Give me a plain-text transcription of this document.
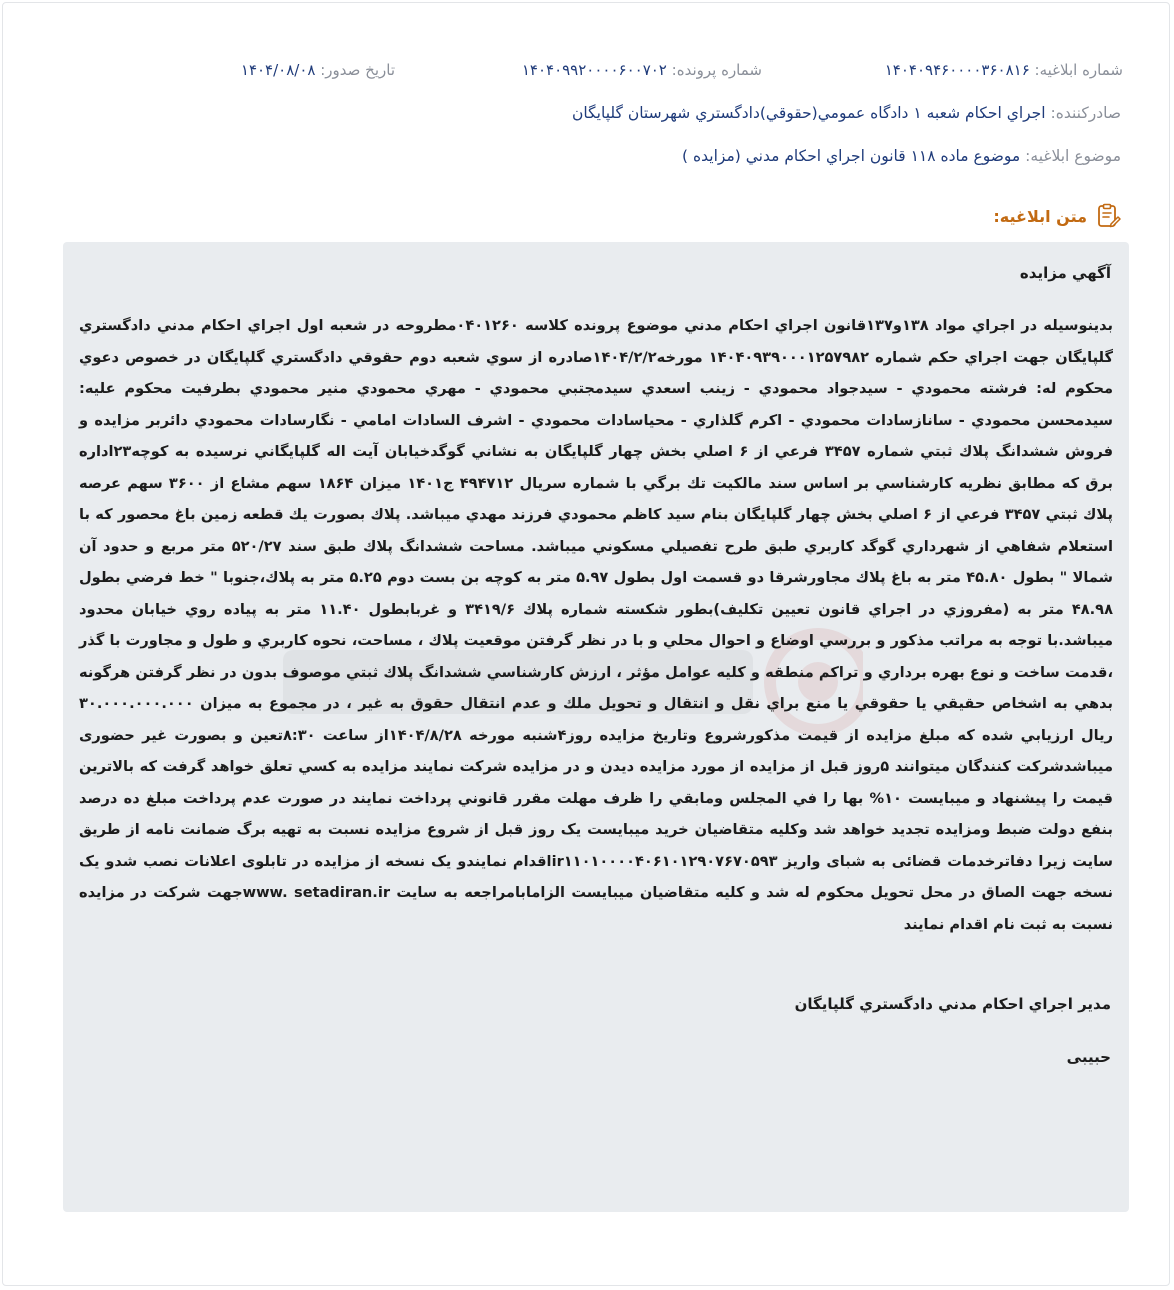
شماره ابلاغيه: ۱۴۰۴۰۹۴۶۰۰۰۰۳۶۰۸۱۶
شماره پرونده: ۱۴۰۴۰۹۹۲۰۰۰۰۶۰۰۷۰۲
تاريخ صدور: ۱۴۰۴/۰۸/۰۸
صادرکننده: اجراي احکام شعبه ۱ دادگاه عمومي(حقوقي)دادگستري شهرستان گلپايگان
موضوع ابلاغيه: موضوع ماده ۱۱۸ قانون اجراي احکام مدني (مزايده )
متن ابلاغيه:
آگهي مزايده
بدينوسيله در اجراي مواد ۱۳۸و۱۳۷قانون اجراي احکام مدني موضوع پرونده کلاسه ۰۴۰۱۲۶۰مطروحه در شعبه اول اجراي احکام مدني دادگستري گلپايگان جهت اجراي حکم شماره ۱۴۰۴۰۹۳۹۰۰۰۱۲۵۷۹۸۲ مورخه۱۴۰۴/۲/۲صادره از سوي شعبه دوم حقوقي دادگستري گلپايگان در خصوص دعوي محکوم له: فرشته محمودي - سيدجواد محمودي - زينب اسعدي سيدمجتبي محمودي - مهري محمودي منير محمودي بطرفيت محکوم عليه: سيدمحسن محمودي - سانازسادات محمودي - اکرم گلذاري - محياسادات محمودي - اشرف السادات امامي - نگارسادات محمودي دائربر مزايده و فروش ششدانگ پلاك ثبتي شماره ۳۴۵۷ فرعي از ۶ اصلي بخش چهار گلپايگان به نشاني گوگدخيابان آيت اله گلپايگاني نرسيده به کوچه۲۳اداره برق که مطابق نظريه کارشناسي بر اساس سند مالکيت تك برگي با شماره سريال ۴۹۴۷۱۲ ج۱۴۰۱ ميزان ۱۸۶۴ سهم مشاع از ۳۶۰۰ سهم عرصه پلاك ثبتي ۳۴۵۷ فرعي از ۶ اصلي بخش چهار گلپايگان بنام سيد کاظم محمودي فرزند مهدي ميباشد. پلاك بصورت يك قطعه زمين باغ محصور که با استعلام شفاهي از شهرداري گوگد کاربري طبق طرح تفصيلي مسکوني ميباشد. مساحت ششدانگ پلاك طبق سند ۵۲۰/۲۷ متر مربع و حدود آن شمالا " بطول ۴۵.۸۰ متر به باغ پلاك مجاورشرقا دو قسمت اول بطول ۵.۹۷ متر به کوچه بن بست دوم ۵.۲۵ متر به پلاك،جنوبا " خط فرضي بطول ۴۸.۹۸ متر به (مفروزي در اجراي قانون تعيين تکليف)بطور شکسته شماره پلاك ۳۴۱۹/۶ و غربابطول ۱۱.۴۰ متر به پياده روي خيابان محدود ميباشد.با توجه به مراتب مذکور و بررسي اوضاع و احوال محلي و با در نظر گرفتن موقعيت پلاك ، مساحت، نحوه کاربري و طول و مجاورت با گذر ،قدمت ساخت و نوع بهره برداري و تراکم منطقه و کليه عوامل مؤثر ، ارزش کارشناسي ششدانگ پلاك ثبتي موصوف بدون در نظر گرفتن هرگونه بدهي به اشخاص حقيقي يا حقوقي يا منع براي نقل و انتقال و تحويل ملك و عدم انتقال حقوق به غير ، در مجموع به ميزان ۳۰.۰۰۰.۰۰۰.۰۰۰ ريال ارزيابي شده که مبلغ مزايده از قيمت مذکورشروع وتاريخ مزايده روز۴شنبه مورخه ۱۴۰۴/۸/۲۸از ساعت ۸:۳۰تعين و بصورت غير حضوری ميباشدشرکت کنندگان ميتوانند ۵روز قبل از مزايده از مورد مزايده ديدن و در مزايده شرکت نمايند مزايده به کسي تعلق خواهد گرفت که بالاترين قيمت را پيشنهاد و ميبايست ۱۰% بها را في المجلس ومابقي را ظرف مهلت مقرر قانوني پرداخت نمايند در صورت عدم پرداخت مبلغ ده درصد بنفع دولت ضبط ومزايده تجديد خواهد شد وکليه متقاضيان خريد ميبايست يک روز قبل از شروع مزايده نسبت به تهيه برگ ضمانت نامه از طريق سايت زيرا دفاترخدمات قضائی به شبای واريز ir۱۱۰۱۰۰۰۰۴۰۶۱۰۱۲۹۰۷۶۷۰۵۹۳اقدام نمايندو يک نسخه از مزايده در تابلوی اعلانات نصب شدو يک نسخه جهت الصاق در محل تحويل محکوم له شد و کليه متقاضيان ميبايست الزامابامراجعه به سايت www. setadiran.irجهت شرکت در مزايده نسبت به ثبت نام اقدام نمايند
مدير اجراي احکام مدني دادگستري گلپايگان
حبيبی
